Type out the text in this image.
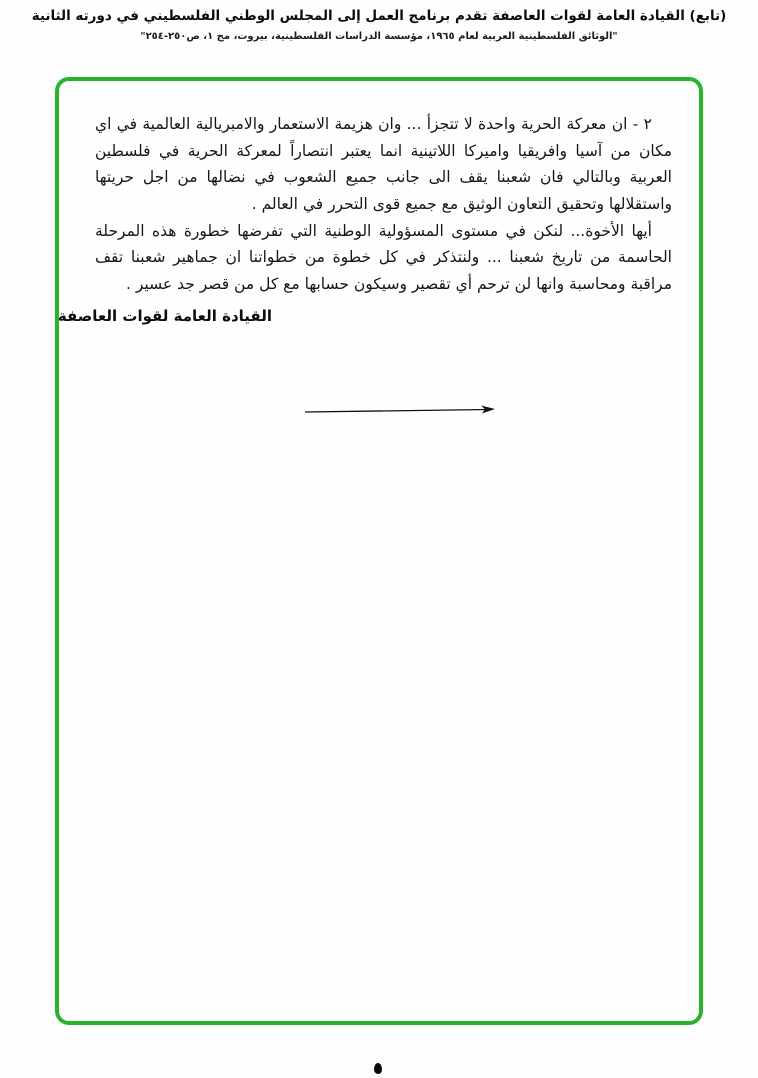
(تابع) القيادة العامة لقوات العاصفة تقدم برنامج العمل إلى المجلس الوطني الفلسطيني في دورته الثانية
"الوثائق الفلسطينية العربية لعام ١٩٦٥، مؤسسة الدراسات الفلسطينية، بيروت، مج ١، ص٢٥٠-٢٥٤"

٢ - ان معركة الحرية واحدة لا تتجزأ ... وان هزيمة الاستعمار والامبريالية العالمية في اي مكان من آسيا وافريقيا واميركا اللاتينية انما يعتبر انتصاراً لمعركة الحرية في فلسطين العربية وبالتالي فان شعبنا يقف الى جانب جميع الشعوب في نضالها من اجل حريتها واستقلالها وتحقيق التعاون الوثيق مع جميع قوى التحرر في العالم .

أيها الأخوة... لنكن في مستوى المسؤولية الوطنية التي تفرضها خطورة هذه المرحلة الحاسمة من تاريخ شعبنا ... ولنتذكر في كل خطوة من خطواتنا ان جماهير شعبنا تقف مراقبة ومحاسبة وانها لن ترحم أي تقصير وسيكون حسابها مع كل من قصر جد عسير .

القيادة العامة لقوات العاصفة
